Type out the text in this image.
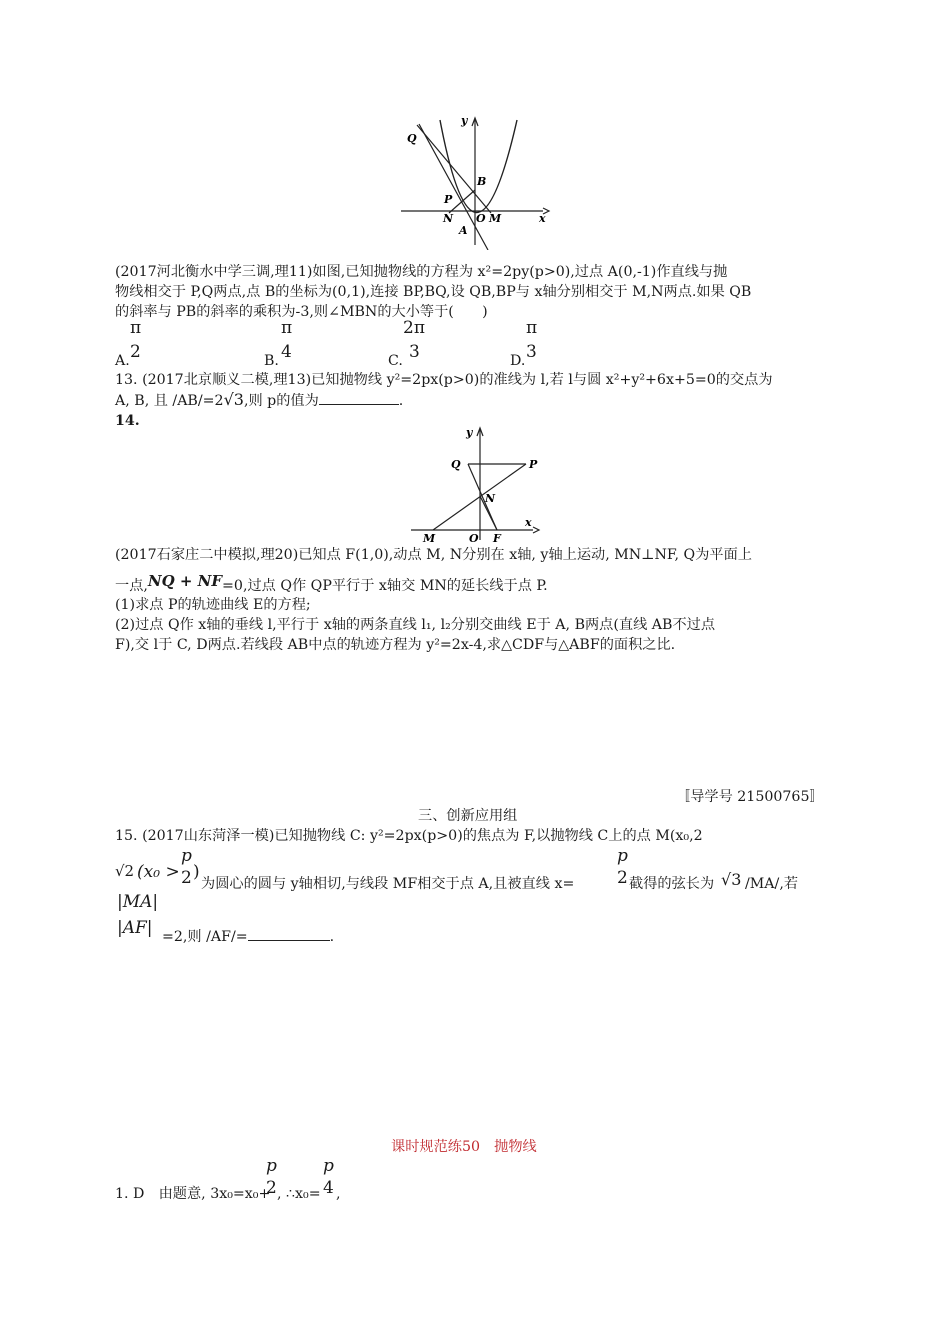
y
x
Q
B
P
N O M
A
(2017河北衡水中学三调,理11)如图,已知抛物线的方程为 x²=2py(p>0),过点 A(0,-1)作直线与抛
物线相交于 P,Q两点,点 B的坐标为(0,1),连接 BP,BQ,设 QB,BP与 x轴分别相交于 M,N两点.如果 QB
的斜率与 PB的斜率的乘积为-3,则∠MBN的大小等于(　　)
π
2
A.
π
4
B.
2π
3
C.
π
3
D.
13. (2017北京顺义二模,理13)已知抛物线 y²=2px(p>0)的准线为 l,若 l与圆 x²+y²+6x+5=0的交点为
A, B, 且 /AB/=2√3,则 p的值为	.
14.
y
x
Q	P
N
M	O F
(2017石家庄二中模拟,理20)已知点 F(1,0),动点 M, N分别在 x轴, y轴上运动, MN⊥NF, Q为平面上
一点,NQ + NF=0,过点 Q作 QP平行于 x轴交 MN的延长线于点 P.
(1)求点 P的轨迹曲线 E的方程;
(2)过点 Q作 x轴的垂线 l,平行于 x轴的两条直线 l₁, l₂分别交曲线 E于 A, B两点(直线 AB不过点
F),交 l于 C, D两点.若线段 AB中点的轨迹方程为 y²=2x-4,求△CDF与△ABF的面积之比.
〚导学号 21500765〛
三、创新应用组
15. (2017山东菏泽一模)已知抛物线 C: y²=2px(p>0)的焦点为 F,以抛物线 C上的点 M(x₀,2
√2 (x₀ >
p
2 )
为圆心的圆与 y轴相切,与线段 MF相交于点 A,且被直线 x=
p
2 截得的弦长为 √3 /MA/,若
|MA|
|AF| =2,则 /AF/=	.
课时规范练50　抛物线
1. D　由题意, 3x₀=x₀+
p
2 , ∴x₀=
p
4 ,
